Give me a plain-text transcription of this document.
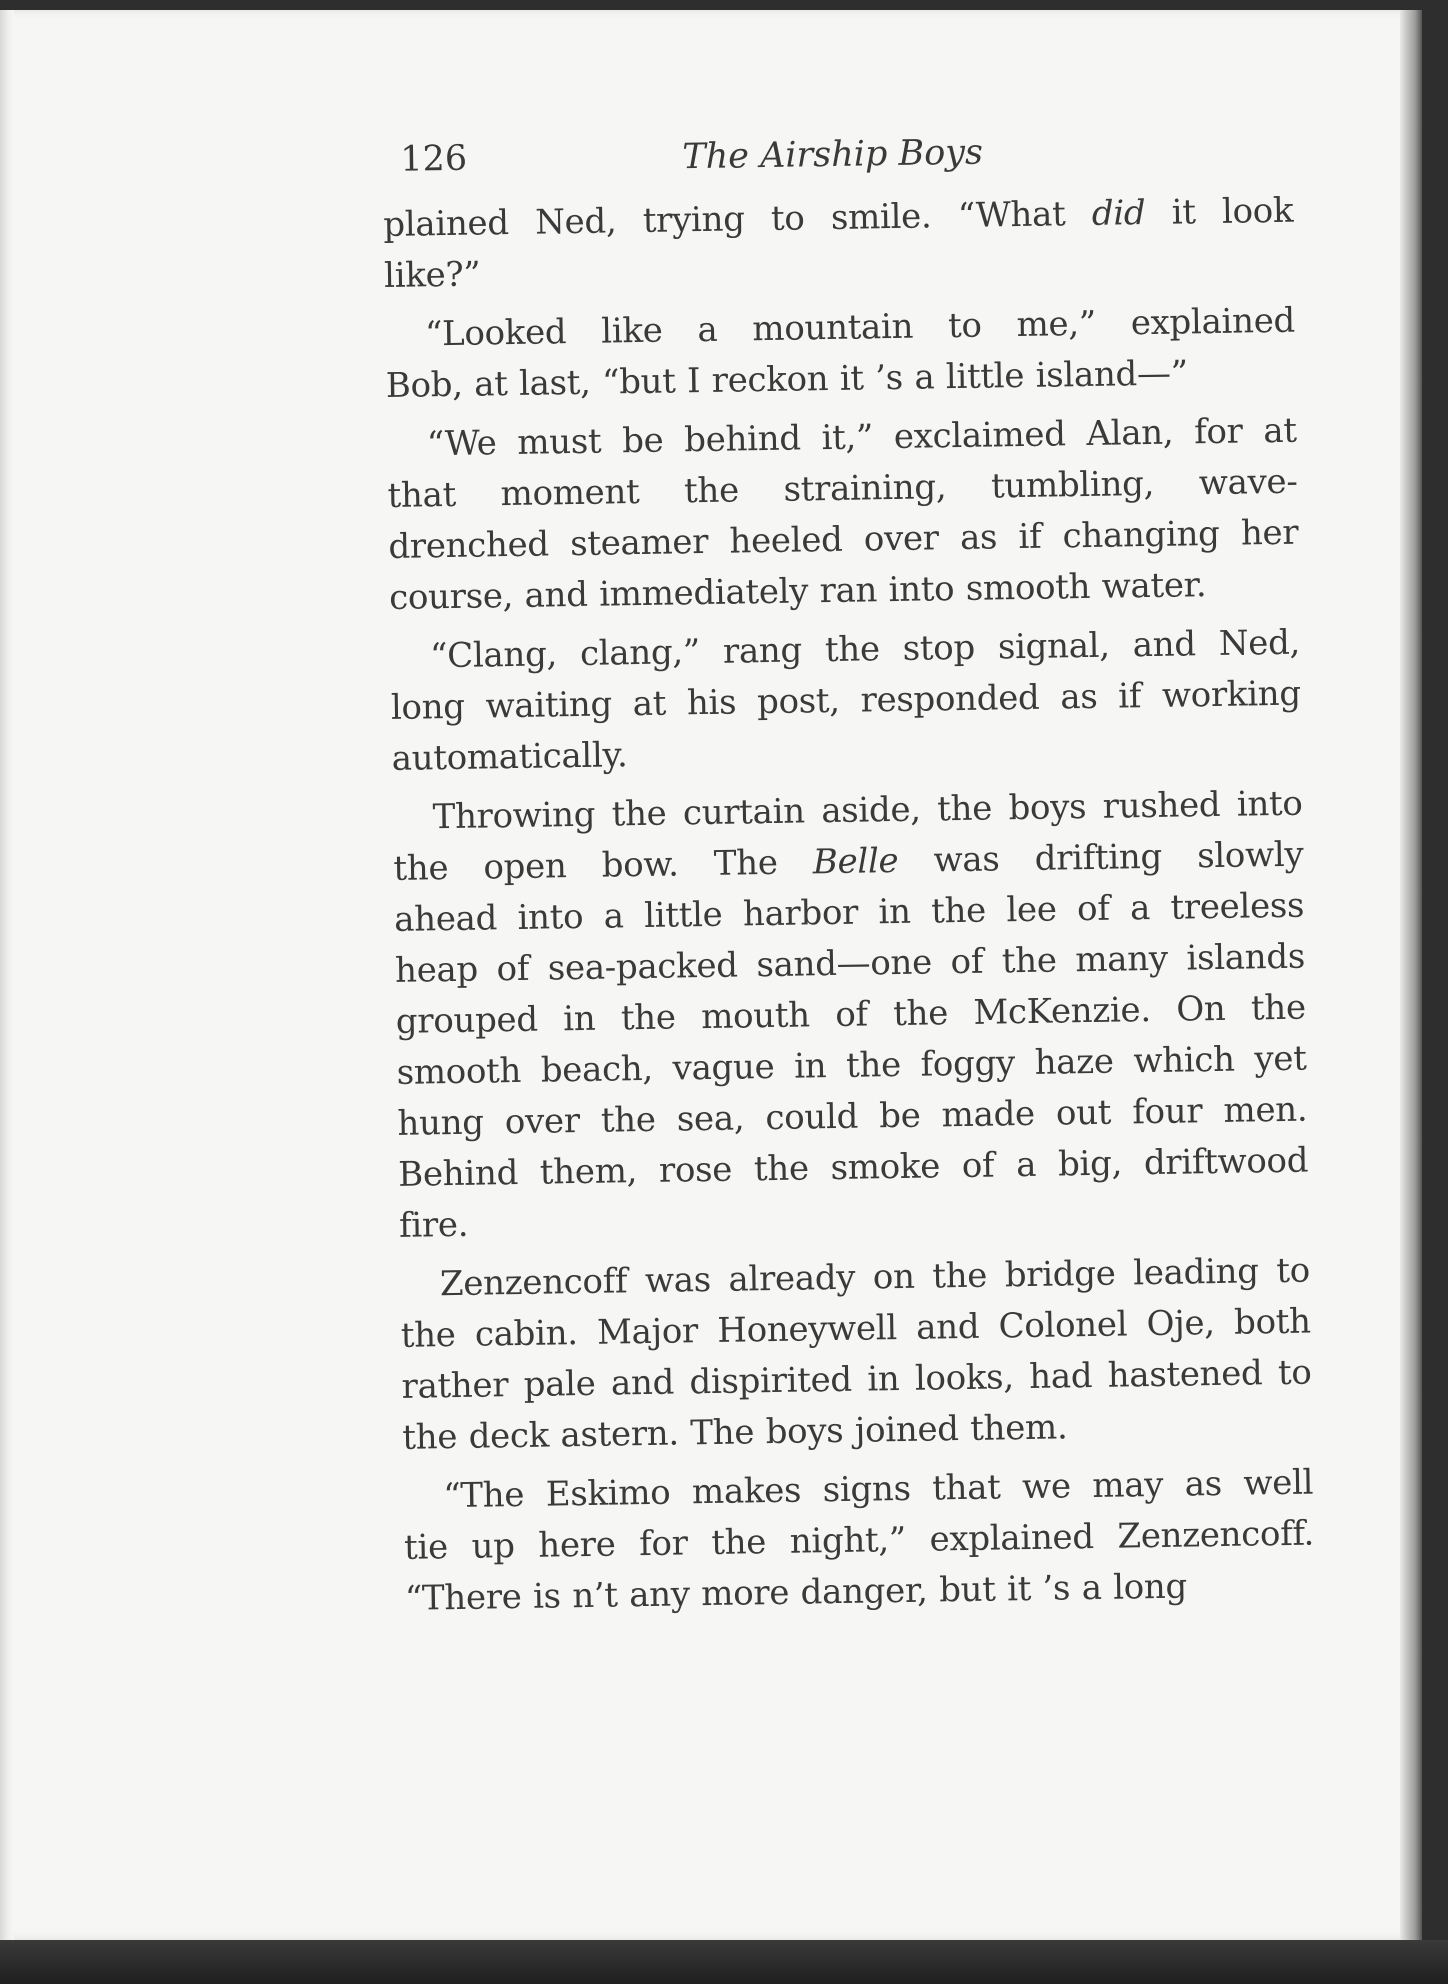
126	The Airship Boys
plained Ned, trying to smile. “What did it look
like?”
“Looked like a mountain to me,” explained
Bob, at last, “but I reckon it ’s a little island—”
“We must be behind it,” exclaimed Alan, for at
that moment the straining, tumbling, wave-
drenched steamer heeled over as if changing her
course, and immediately ran into smooth water.
“Clang, clang,” rang the stop signal, and Ned,
long waiting at his post, responded as if working
automatically.
Throwing the curtain aside, the boys rushed into
the open bow. The Belle was drifting slowly
ahead into a little harbor in the lee of a treeless
heap of sea-packed sand—one of the many islands
grouped in the mouth of the McKenzie. On the
smooth beach, vague in the foggy haze which yet
hung over the sea, could be made out four men.
Behind them, rose the smoke of a big, driftwood
fire.
Zenzencoff was already on the bridge leading to
the cabin. Major Honeywell and Colonel Oje, both
rather pale and dispirited in looks, had hastened to
the deck astern. The boys joined them.
“The Eskimo makes signs that we may as well
tie up here for the night,” explained Zenzencoff.
“There is n’t any more danger, but it ’s a long
